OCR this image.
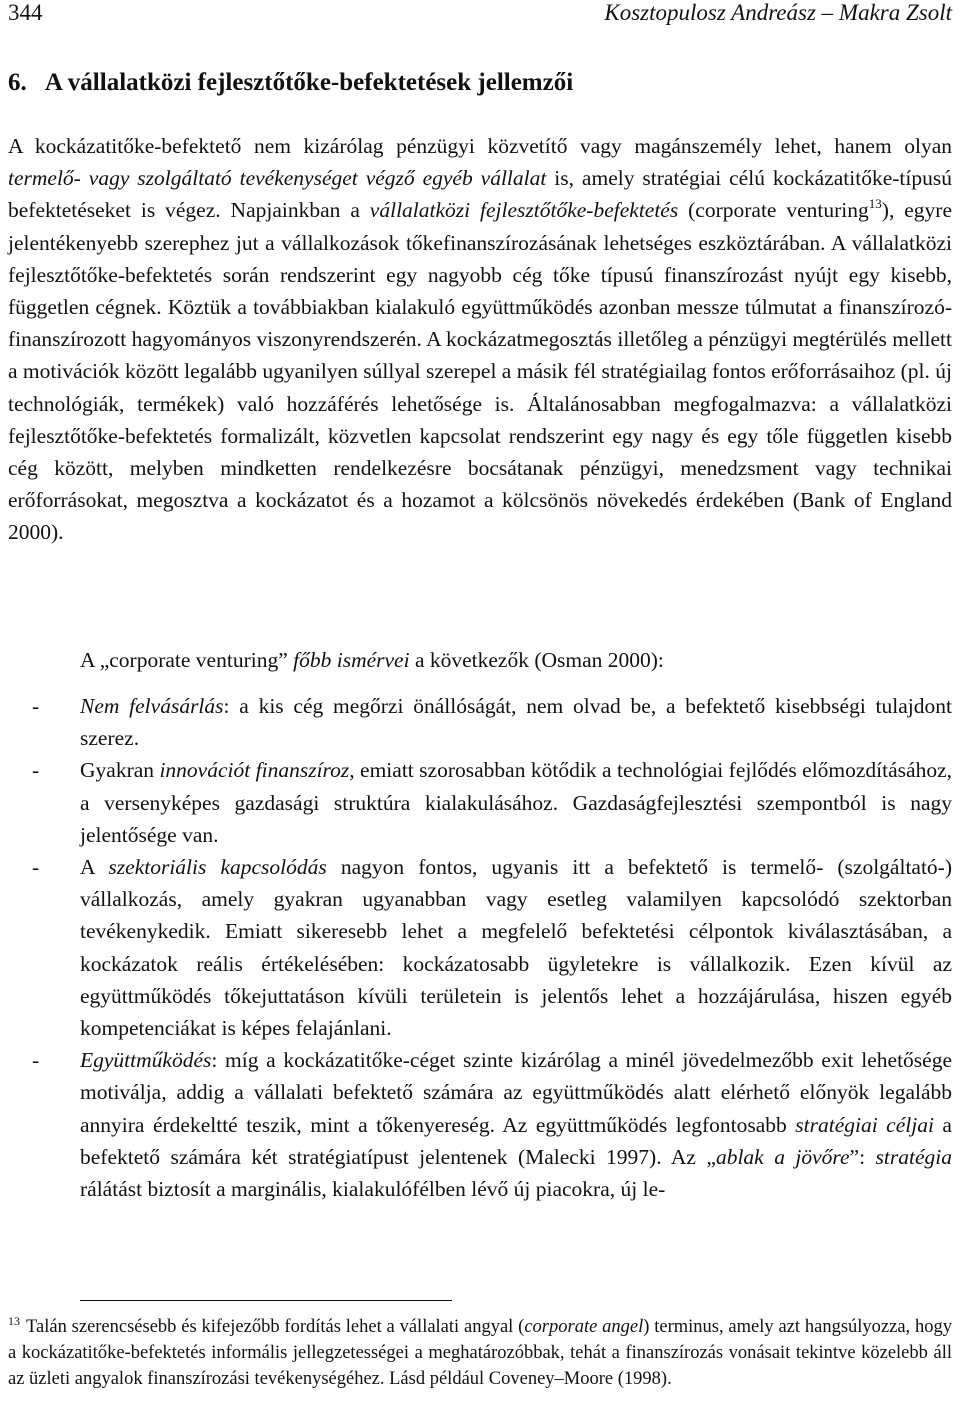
344	Kosztopulosz Andreász – Makra Zsolt
6. A vállalatközi fejlesztőtőke-befektetések jellemzői

A kockázatitőke-befektető nem kizárólag pénzügyi közvetítő vagy magánszemély lehet, hanem olyan termelő- vagy szolgáltató tevékenységet végző egyéb vállalat is, amely stratégiai célú kockázatitőke-típusú befektetéseket is végez. Napjainkban a vállalatközi fejlesztőtőke-befektetés (corporate venturing$^{13}$), egyre jelentékenyebb szerephez jut a vállalkozások tőkefinanszírozásának lehetséges eszköztárában. A vállalatközi fejlesztőtőke-befektetés során rendszerint egy nagyobb cég tőke típusú finanszírozást nyújt egy kisebb, független cégnek. Köztük a továbbiakban kialakuló együttműködés azonban messze túlmutat a finanszírozó-finanszírozott hagyományos viszonyrendszerén. A kockázatmegosztás illetőleg a pénzügyi megtérülés mellett a motivációk között legalább ugyanilyen súllyal szerepel a másik fél stratégiailag fontos erőforrásaihoz (pl. új technológiák, termékek) való hozzáférés lehetősége is. Általánosabban megfogalmazva: a vállalatközi fejlesztőtőke-befektetés formalizált, közvetlen kapcsolat rendszerint egy nagy és egy tőle független kisebb cég között, melyben mindketten rendelkezésre bocsátanak pénzügyi, menedzsment vagy technikai erőforrásokat, megosztva a kockázatot és a hozamot a kölcsönös növekedés érdekében (Bank of England 2000).

A „corporate venturing” főbb ismérvei a következők (Osman 2000):

- Nem felvásárlás: a kis cég megőrzi önállóságát, nem olvad be, a befektető kisebbségi tulajdont szerez.

- Gyakran innovációt finanszíroz, emiatt szorosabban kötődik a technológiai fejlődés előmozdításához, a versenyképes gazdasági struktúra kialakulásához. Gazdaságfejlesztési szempontból is nagy jelentősége van.

- A szektoriális kapcsolódás nagyon fontos, ugyanis itt a befektető is termelő- (szolgáltató-) vállalkozás, amely gyakran ugyanabban vagy esetleg valamilyen kapcsolódó szektorban tevékenykedik. Emiatt sikeresebb lehet a megfelelő befektetési célpontok kiválasztásában, a kockázatok reális értékelésében: kockázatosabb ügyletekre is vállalkozik. Ezen kívül az együttműködés tőkejuttatáson kívüli területein is jelentős lehet a hozzájárulása, hiszen egyéb kompetenciákat is képes felajánlani.

- Együttműködés: míg a kockázatitőke-céget szinte kizárólag a minél jövedelmezőbb exit lehetősége motiválja, addig a vállalati befektető számára az együttműködés alatt elérhető előnyök legalább annyira érdekeltté teszik, mint a tőkenyereség. Az együttműködés legfontosabb stratégiai céljai a befektető számára két stratégiatípust jelentenek (Malecki 1997). Az „ablak a jövőre”: stratégia rálátást biztosít a marginális, kialakulófélben lévő új piacokra, új le-

$^{13}$ Talán szerencsésebb és kifejezőbb fordítás lehet a vállalati angyal (corporate angel) terminus, amely azt hangsúlyozza, hogy a kockázatitőke-befektetés informális jellegzetességei a meghatározóbbak, tehát a finanszírozás vonásait tekintve közelebb áll az üzleti angyalok finanszírozási tevékenységéhez. Lásd például Coveney–Moore (1998).
